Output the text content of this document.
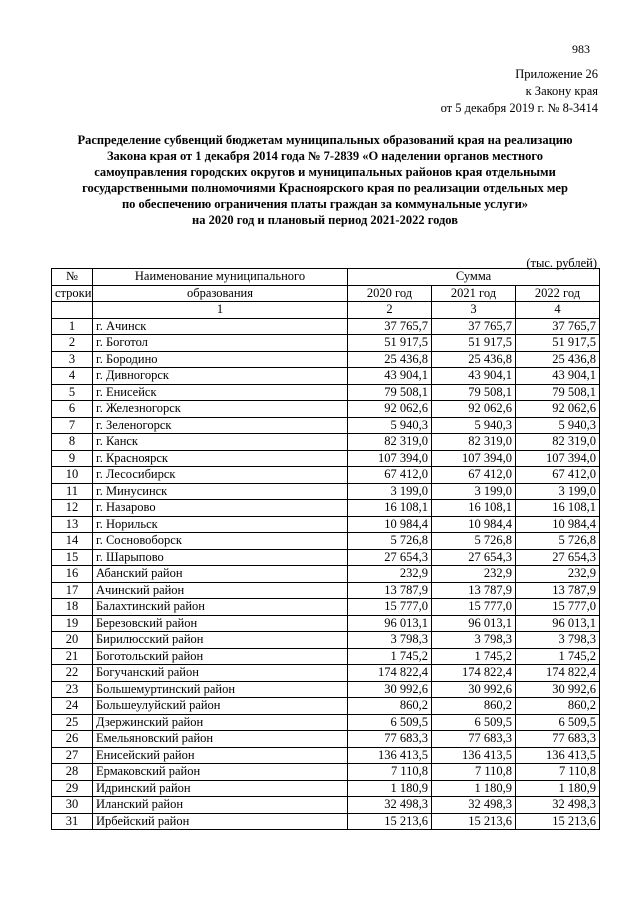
983
Приложение 26
к Закону края
от 5 декабря 2019 г. № 8-3414
Распределение субвенций бюджетам муниципальных образований края на реализацию
Закона края от 1 декабря 2014 года № 7-2839 «О наделении органов местного
самоуправления городских округов и муниципальных районов края отдельными
государственными полномочиями Красноярского края по реализации отдельных мер
по обеспечению ограничения платы граждан за коммунальные услуги»
на 2020 год и плановый период 2021-2022 годов
(тыс. рублей)
№	Наименование муниципального	Сумма		
строки	образования	2020 год	2021 год	2022 год
	1	2	3	4
1	г. Ачинск	37 765,7	37 765,7	37 765,7
2	г. Боготол	51 917,5	51 917,5	51 917,5
3	г. Бородино	25 436,8	25 436,8	25 436,8
4	г. Дивногорск	43 904,1	43 904,1	43 904,1
5	г. Енисейск	79 508,1	79 508,1	79 508,1
6	г. Железногорск	92 062,6	92 062,6	92 062,6
7	г. Зеленогорск	5 940,3	5 940,3	5 940,3
8	г. Канск	82 319,0	82 319,0	82 319,0
9	г. Красноярск	107 394,0	107 394,0	107 394,0
10	г. Лесосибирск	67 412,0	67 412,0	67 412,0
11	г. Минусинск	3 199,0	3 199,0	3 199,0
12	г. Назарово	16 108,1	16 108,1	16 108,1
13	г. Норильск	10 984,4	10 984,4	10 984,4
14	г. Сосновоборск	5 726,8	5 726,8	5 726,8
15	г. Шарыпово	27 654,3	27 654,3	27 654,3
16	Абанский район	232,9	232,9	232,9
17	Ачинский район	13 787,9	13 787,9	13 787,9
18	Балахтинский район	15 777,0	15 777,0	15 777,0
19	Березовский район	96 013,1	96 013,1	96 013,1
20	Бирилюсский район	3 798,3	3 798,3	3 798,3
21	Боготольский район	1 745,2	1 745,2	1 745,2
22	Богучанский район	174 822,4	174 822,4	174 822,4
23	Большемуртинский район	30 992,6	30 992,6	30 992,6
24	Большеулуйский район	860,2	860,2	860,2
25	Дзержинский район	6 509,5	6 509,5	6 509,5
26	Емельяновский район	77 683,3	77 683,3	77 683,3
27	Енисейский район	136 413,5	136 413,5	136 413,5
28	Ермаковский район	7 110,8	7 110,8	7 110,8
29	Идринский район	1 180,9	1 180,9	1 180,9
30	Иланский район	32 498,3	32 498,3	32 498,3
31	Ирбейский район	15 213,6	15 213,6	15 213,6
